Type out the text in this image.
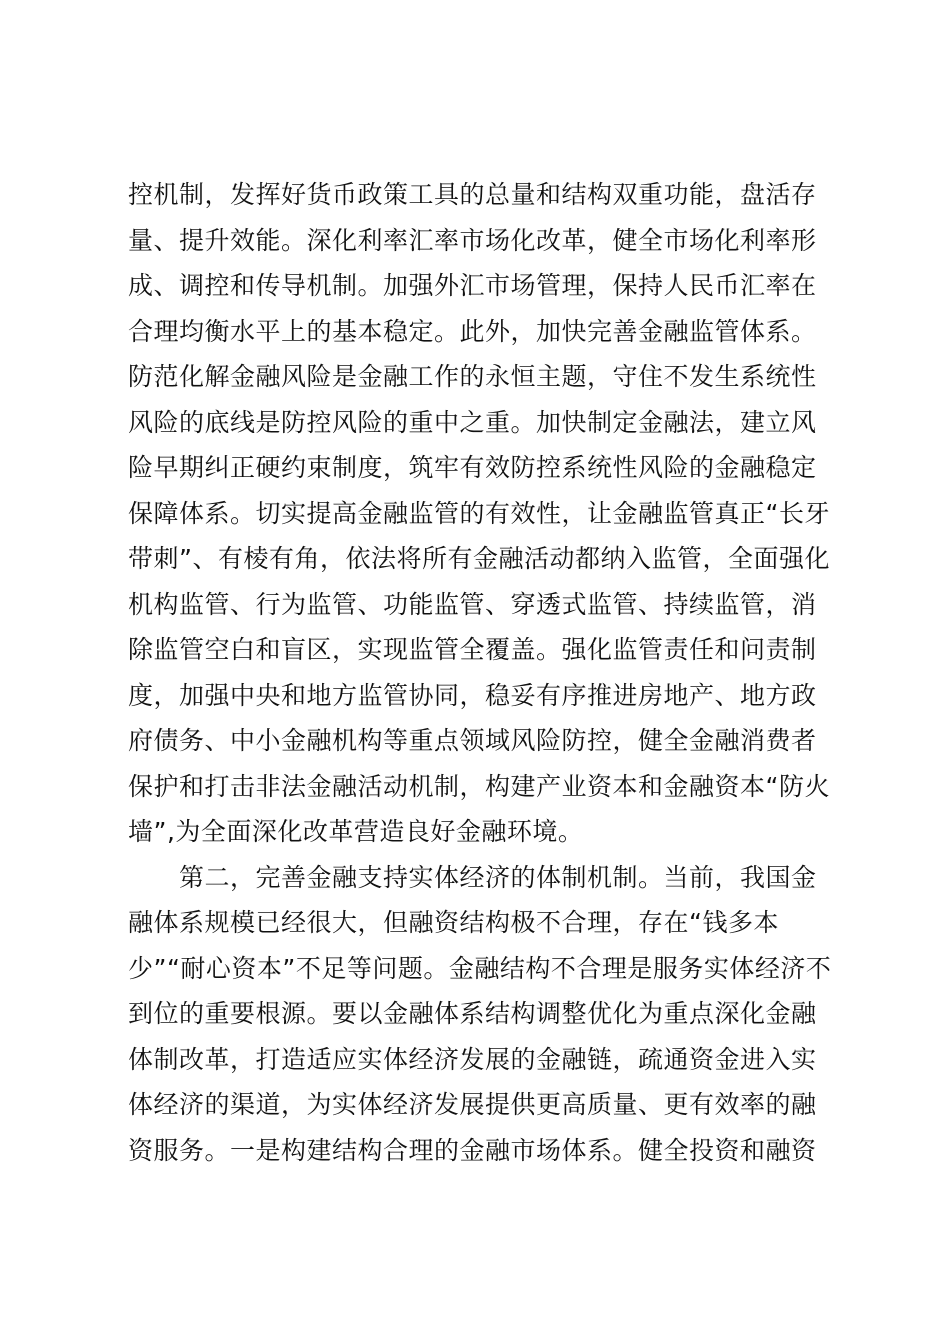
控机制，发挥好货币政策工具的总量和结构双重功能，盘活存
量、提升效能。深化利率汇率市场化改革，健全市场化利率形
成、调控和传导机制。加强外汇市场管理，保持人民币汇率在
合理均衡水平上的基本稳定。此外，加快完善金融监管体系。
防范化解金融风险是金融工作的永恒主题，守住不发生系统性
风险的底线是防控风险的重中之重。加快制定金融法，建立风
险早期纠正硬约束制度，筑牢有效防控系统性风险的金融稳定
保障体系。切实提高金融监管的有效性，让金融监管真正“长牙
带刺”、有棱有角，依法将所有金融活动都纳入监管，全面强化
机构监管、行为监管、功能监管、穿透式监管、持续监管，消
除监管空白和盲区，实现监管全覆盖。强化监管责任和问责制
度，加强中央和地方监管协同，稳妥有序推进房地产、地方政
府债务、中小金融机构等重点领域风险防控，健全金融消费者
保护和打击非法金融活动机制，构建产业资本和金融资本“防火
墙”,为全面深化改革营造良好金融环境。
第二，完善金融支持实体经济的体制机制。当前，我国金
融体系规模已经很大，但融资结构极不合理，存在“钱多本
少”“耐心资本”不足等问题。金融结构不合理是服务实体经济不
到位的重要根源。要以金融体系结构调整优化为重点深化金融
体制改革，打造适应实体经济发展的金融链，疏通资金进入实
体经济的渠道，为实体经济发展提供更高质量、更有效率的融
资服务。一是构建结构合理的金融市场体系。健全投资和融资
